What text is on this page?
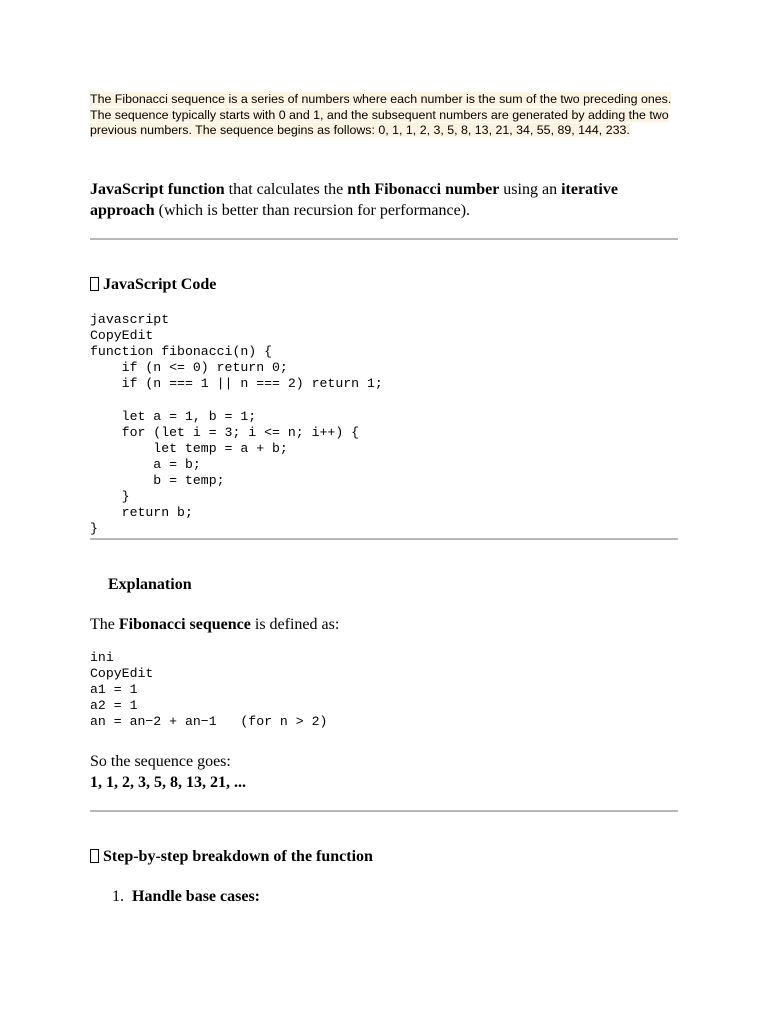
The Fibonacci sequence is a series of numbers where each number is the sum of the two preceding ones. The sequence typically starts with 0 and 1, and the subsequent numbers are generated by adding the two previous numbers. The sequence begins as follows: 0, 1, 1, 2, 3, 5, 8, 13, 21, 34, 55, 89, 144, 233.
JavaScript function that calculates the nth Fibonacci number using an iterative approach (which is better than recursion for performance).
JavaScript Code
javascript
CopyEdit
function fibonacci(n) {
if (n <= 0) return 0;
if (n === 1 || n === 2) return 1;

let a = 1, b = 1;
for (let i = 3; i <= n; i++) {
let temp = a + b;
a = b;
b = temp;
}
return b;
}
Explanation
The Fibonacci sequence is defined as:
ini
CopyEdit
a1 = 1
a2 = 1
an = an−2 + an−1   (for n > 2)
So the sequence goes:
1, 1, 2, 3, 5, 8, 13, 21, ...
Step-by-step breakdown of the function
1. Handle base cases:
